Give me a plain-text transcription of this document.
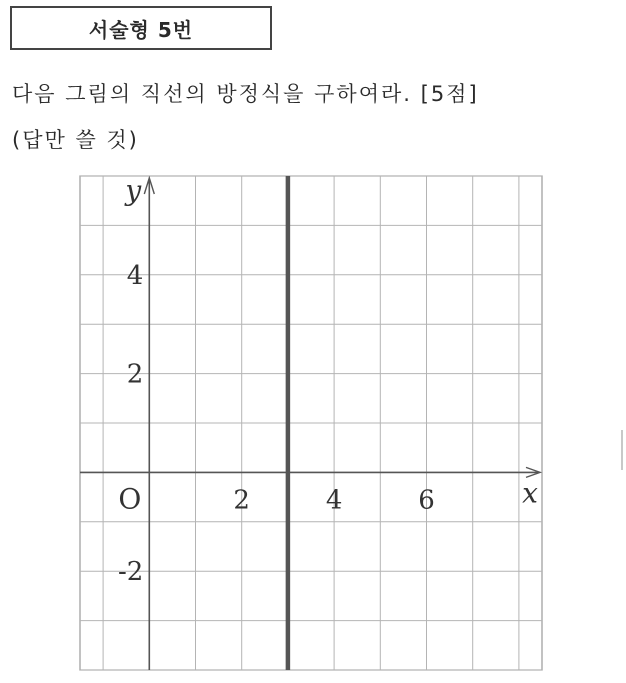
서술형 5번
다음 그림의 직선의 방정식을 구하여라. [5점]
(답만 쓸 것)
2	4	6
4
2
-2
O	x
y
